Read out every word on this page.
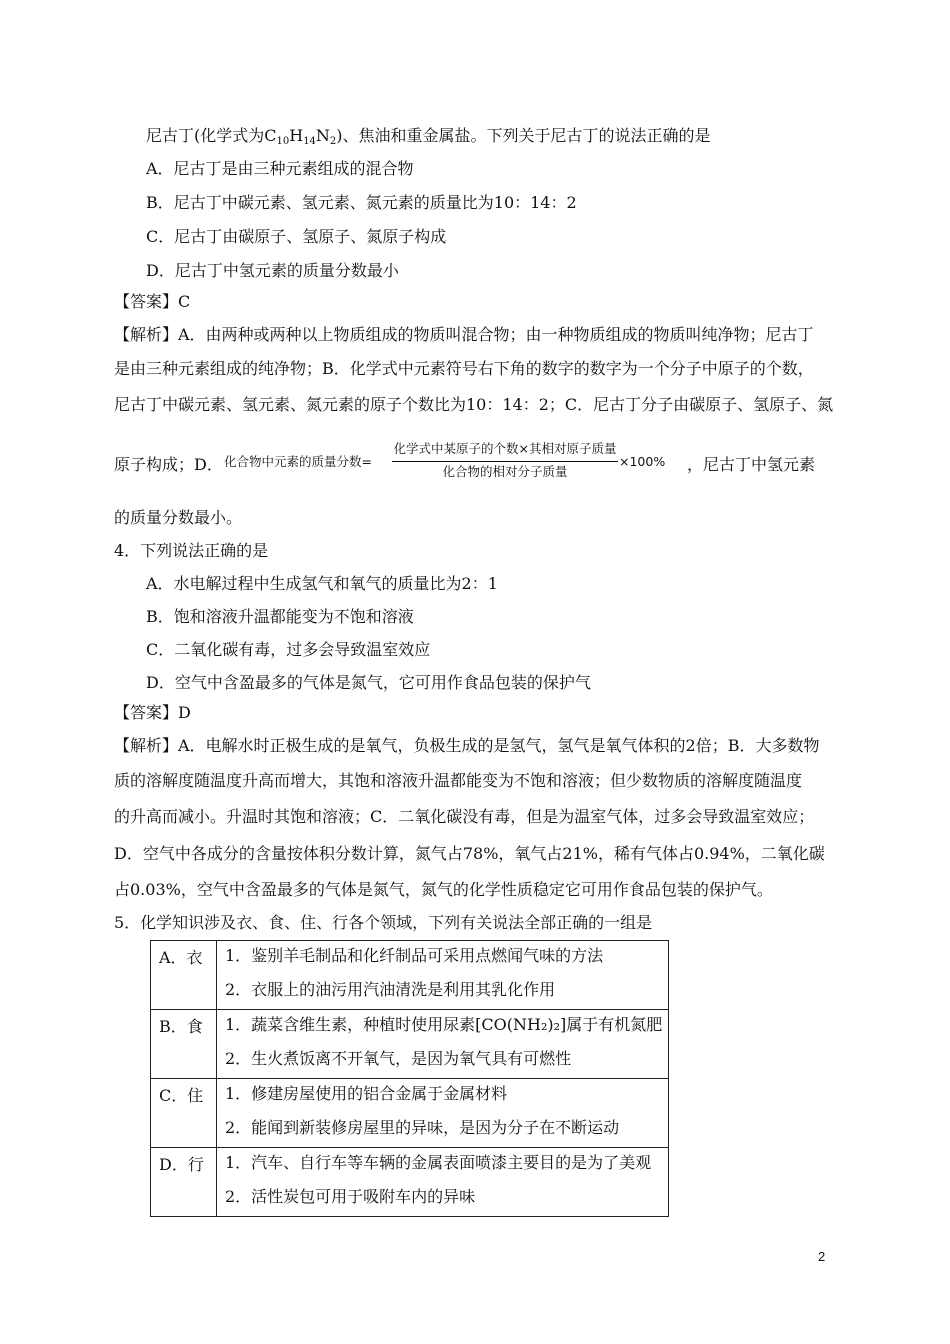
尼古丁(化学式为$C_{10}H_{14}N_2$)、焦油和重金属盐。下列关于尼古丁的说法正确的是
A．尼古丁是由三种元素组成的混合物
B．尼古丁中碳元素、氢元素、氮元素的质量比为10：14：2
C．尼古丁由碳原子、氢原子、氮原子构成
D．尼古丁中氢元素的质量分数最小
【答案】C
【解析】A．由两种或两种以上物质组成的物质叫混合物；由一种物质组成的物质叫纯净物；尼古丁
是由三种元素组成的纯净物；B．化学式中元素符号右下角的数字的数字为一个分子中原子的个数，
尼古丁中碳元素、氢元素、氮元素的原子个数比为10：14：2；C．尼古丁分子由碳原子、氢原子、氮
原子构成；D． 化合物中元素的质量分数=
化学式中某原子的个数×其相对原子质量
化合物的相对分子质量
×100% ，尼古丁中氢元素
的质量分数最小。
4．下列说法正确的是
A．水电解过程中生成氢气和氧气的质量比为2：1
B．饱和溶液升温都能变为不饱和溶液
C．二氧化碳有毒，过多会导致温室效应
D．空气中含盈最多的气体是氮气，它可用作食品包装的保护气
【答案】D
【解析】A．电解水时正极生成的是氧气，负极生成的是氢气，氢气是氧气体积的2倍；B．大多数物
质的溶解度随温度升高而增大，其饱和溶液升温都能变为不饱和溶液；但少数物质的溶解度随温度
的升高而减小。升温时其饱和溶液；C．二氧化碳没有毒，但是为温室气体，过多会导致温室效应；
D．空气中各成分的含量按体积分数计算，氮气占78%，氧气占21%，稀有气体占0.94%，二氧化碳
占0.03%，空气中含盈最多的气体是氮气，氮气的化学性质稳定它可用作食品包装的保护气。
5．化学知识涉及衣、食、住、行各个领域，下列有关说法全部正确的一组是
A．衣	1．鉴别羊毛制品和化纤制品可采用点燃闻气味的方法
2．衣服上的油污用汽油清洗是利用其乳化作用

B．食	1．蔬菜含维生素，种植时使用尿素[CO(NH₂)₂]属于有机氮肥
2．生火煮饭离不开氧气，是因为氧气具有可燃性

C．住	1．修建房屋使用的铝合金属于金属材料
2．能闻到新装修房屋里的异味，是因为分子在不断运动

D．行	1．汽车、自行车等车辆的金属表面喷漆主要目的是为了美观
2．活性炭包可用于吸附车内的异味
2
